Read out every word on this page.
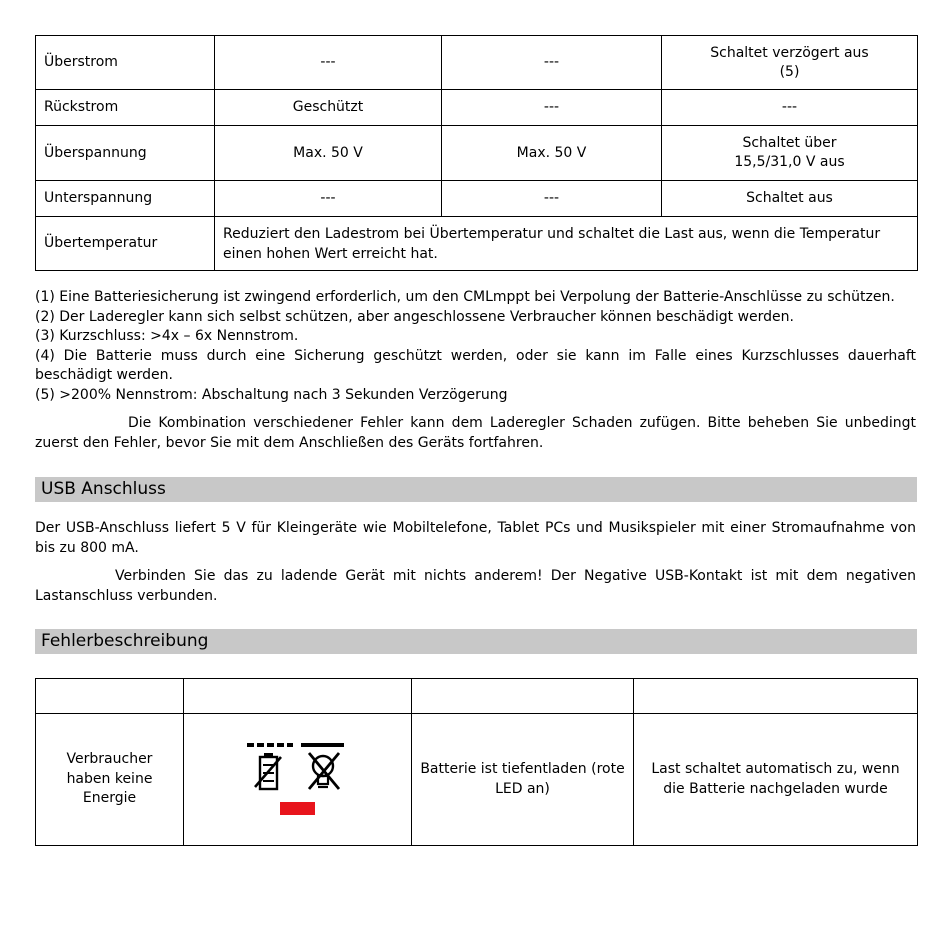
Überstrom	---	---	Schaltet verzögert aus
(5)

Rückstrom	Geschützt	---	---
Überspannung	Max. 50 V	Max. 50 V	Schaltet über
15,5/31,0 V aus

Unterspannung	---	---	Schaltet aus
Übertemperatur	Reduziert den Ladestrom bei Übertemperatur und schaltet die Last aus, wenn die Temperatur einen hohen Wert erreicht hat.		

(1) Eine Batteriesicherung ist zwingend erforderlich, um den CMLmppt bei Verpolung der Batterie-Anschlüsse zu schützen.

(2) Der Laderegler kann sich selbst schützen, aber angeschlossene Verbraucher können beschädigt werden.

(3) Kurzschluss: >4x – 6x Nennstrom.

(4) Die Batterie muss durch eine Sicherung geschützt werden, oder sie kann im Falle eines Kurzschlusses dauerhaft beschädigt werden.

(5) >200% Nennstrom: Abschaltung nach 3 Sekunden Verzögerung

Die Kombination verschiedener Fehler kann dem Laderegler Schaden zufügen. Bitte beheben Sie unbedingt zuerst den Fehler, bevor Sie mit dem Anschließen des Geräts fortfahren.

USB Anschluss

Der USB-Anschluss liefert 5 V für Kleingeräte wie Mobiltelefone, Tablet PCs und Musikspieler mit einer Stromaufnahme von bis zu 800 mA.

Verbinden Sie das zu ladende Gerät mit nichts anderem! Der Negative USB-Kontakt ist mit dem negativen Lastanschluss verbunden.

Fehlerbeschreibung

Verbraucher haben keine Energie		Batterie ist tiefentladen (rote LED an)	Last schaltet automatisch zu, wenn die Batterie nachgeladen wurde
